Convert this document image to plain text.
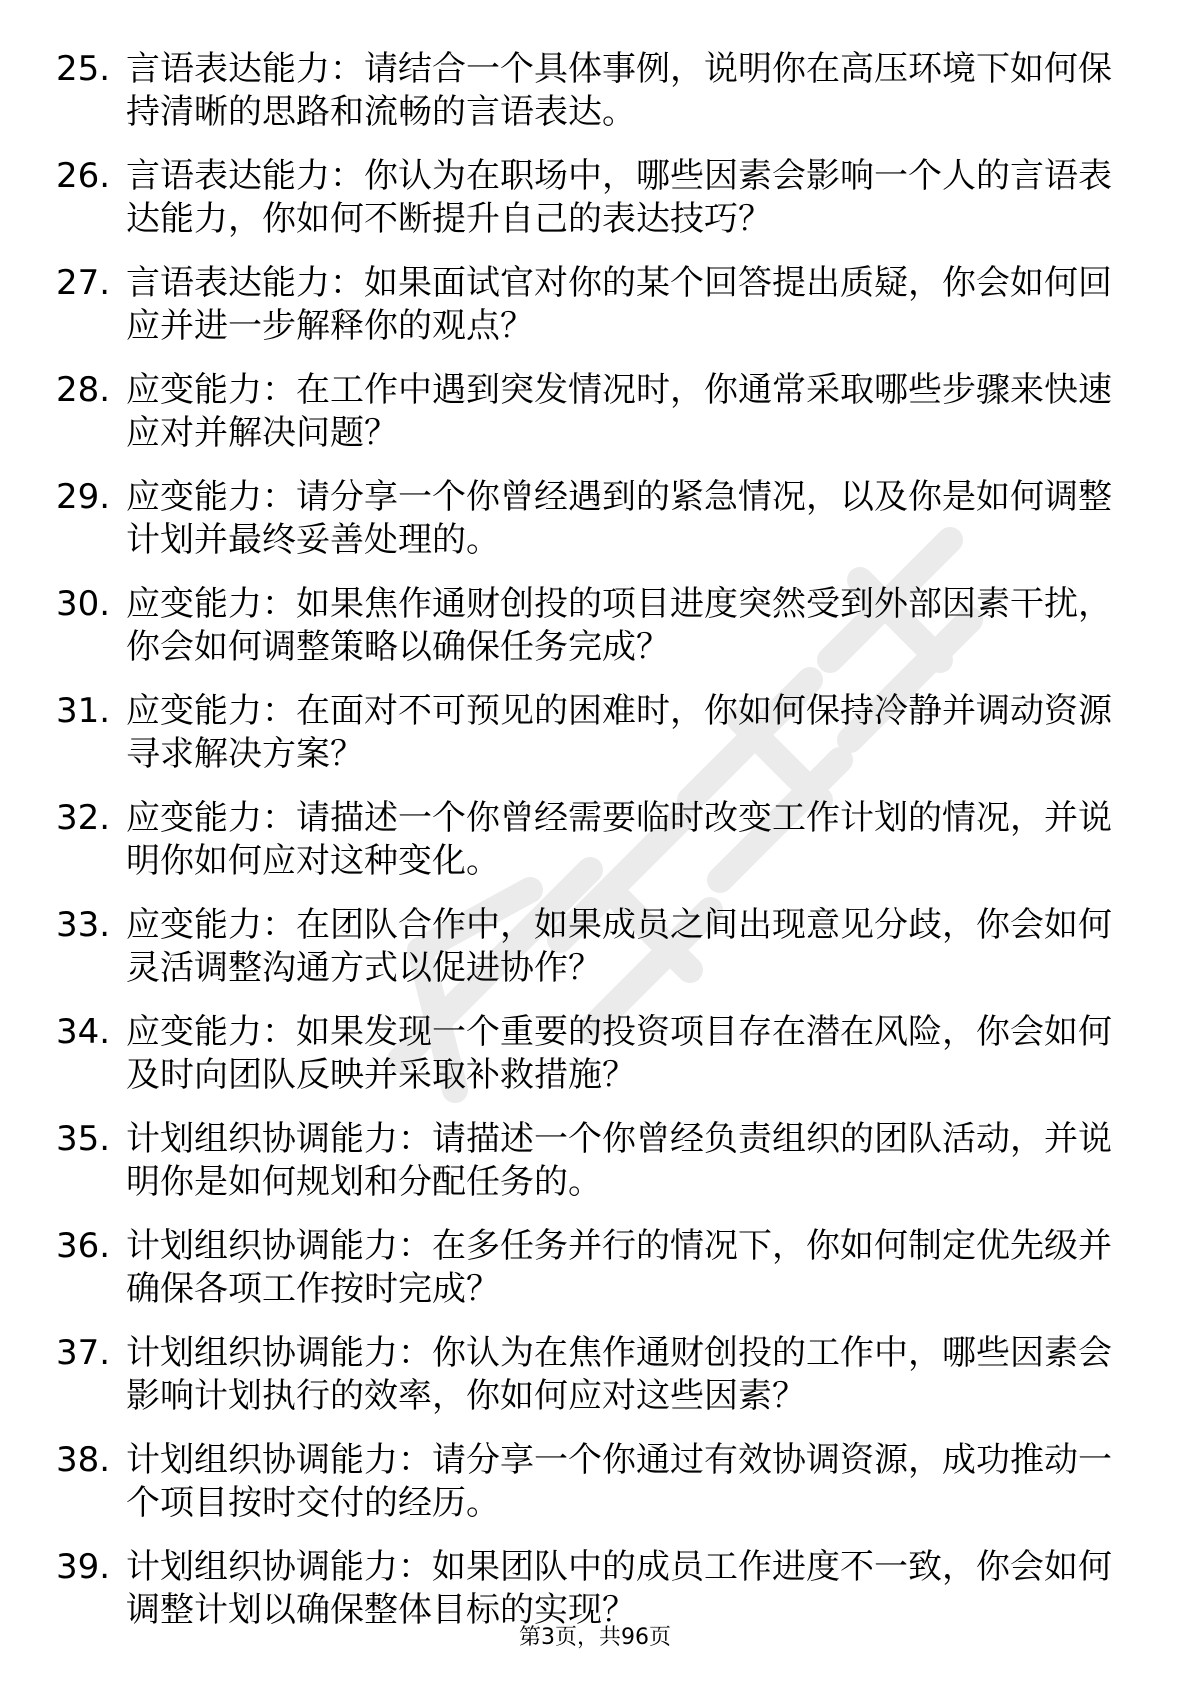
25. 言语表达能力：请结合一个具体事例，说明你在高压环境下如何保持清晰的思路和流畅的言语表达。
26. 言语表达能力：你认为在职场中，哪些因素会影响一个人的言语表达能力，你如何不断提升自己的表达技巧？
27. 言语表达能力：如果面试官对你的某个回答提出质疑，你会如何回应并进一步解释你的观点？
28. 应变能力：在工作中遇到突发情况时，你通常采取哪些步骤来快速应对并解决问题？
29. 应变能力：请分享一个你曾经遇到的紧急情况，以及你是如何调整计划并最终妥善处理的。
30. 应变能力：如果焦作通财创投的项目进度突然受到外部因素干扰，你会如何调整策略以确保任务完成？
31. 应变能力：在面对不可预见的困难时，你如何保持冷静并调动资源寻求解决方案？
32. 应变能力：请描述一个你曾经需要临时改变工作计划的情况，并说明你如何应对这种变化。
33. 应变能力：在团队合作中，如果成员之间出现意见分歧，你会如何灵活调整沟通方式以促进协作？
34. 应变能力：如果发现一个重要的投资项目存在潜在风险，你会如何及时向团队反映并采取补救措施？
35. 计划组织协调能力：请描述一个你曾经负责组织的团队活动，并说明你是如何规划和分配任务的。
36. 计划组织协调能力：在多任务并行的情况下，你如何制定优先级并确保各项工作按时完成？
37. 计划组织协调能力：你认为在焦作通财创投的工作中，哪些因素会影响计划执行的效率，你如何应对这些因素？
38. 计划组织协调能力：请分享一个你通过有效协调资源，成功推动一个项目按时交付的经历。
39. 计划组织协调能力：如果团队中的成员工作进度不一致，你会如何调整计划以确保整体目标的实现？
第3页，共96页
